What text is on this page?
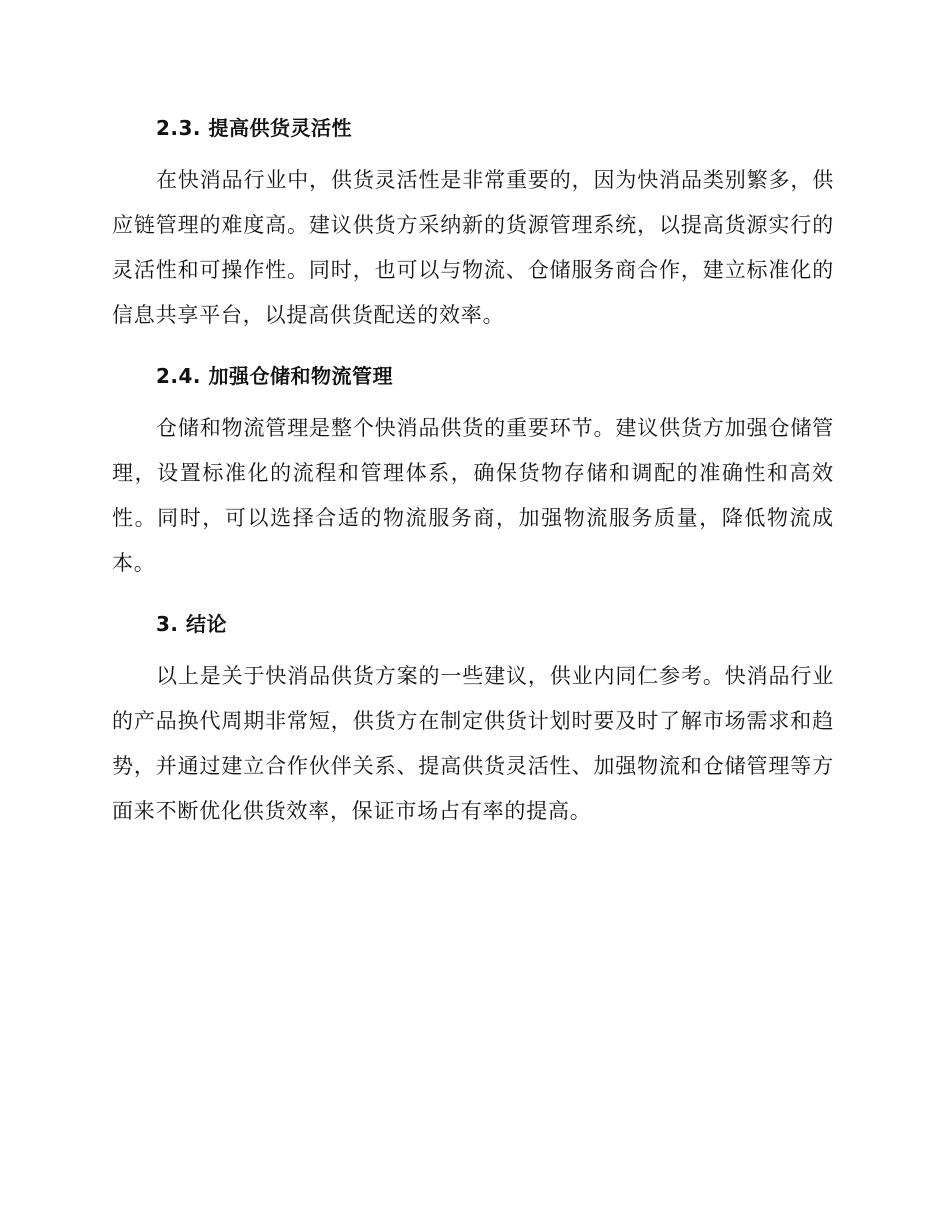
2.3. 提高供货灵活性

在快消品行业中，供货灵活性是非常重要的，因为快消品类别繁多，供应链管理的难度高。建议供货方采纳新的货源管理系统，以提高货源实行的灵活性和可操作性。同时，也可以与物流、仓储服务商合作，建立标准化的信息共享平台，以提高供货配送的效率。

2.4. 加强仓储和物流管理

仓储和物流管理是整个快消品供货的重要环节。建议供货方加强仓储管理，设置标准化的流程和管理体系，确保货物存储和调配的准确性和高效性。同时，可以选择合适的物流服务商，加强物流服务质量，降低物流成本。

3. 结论

以上是关于快消品供货方案的一些建议，供业内同仁参考。快消品行业的产品换代周期非常短，供货方在制定供货计划时要及时了解市场需求和趋势，并通过建立合作伙伴关系、提高供货灵活性、加强物流和仓储管理等方面来不断优化供货效率，保证市场占有率的提高。
